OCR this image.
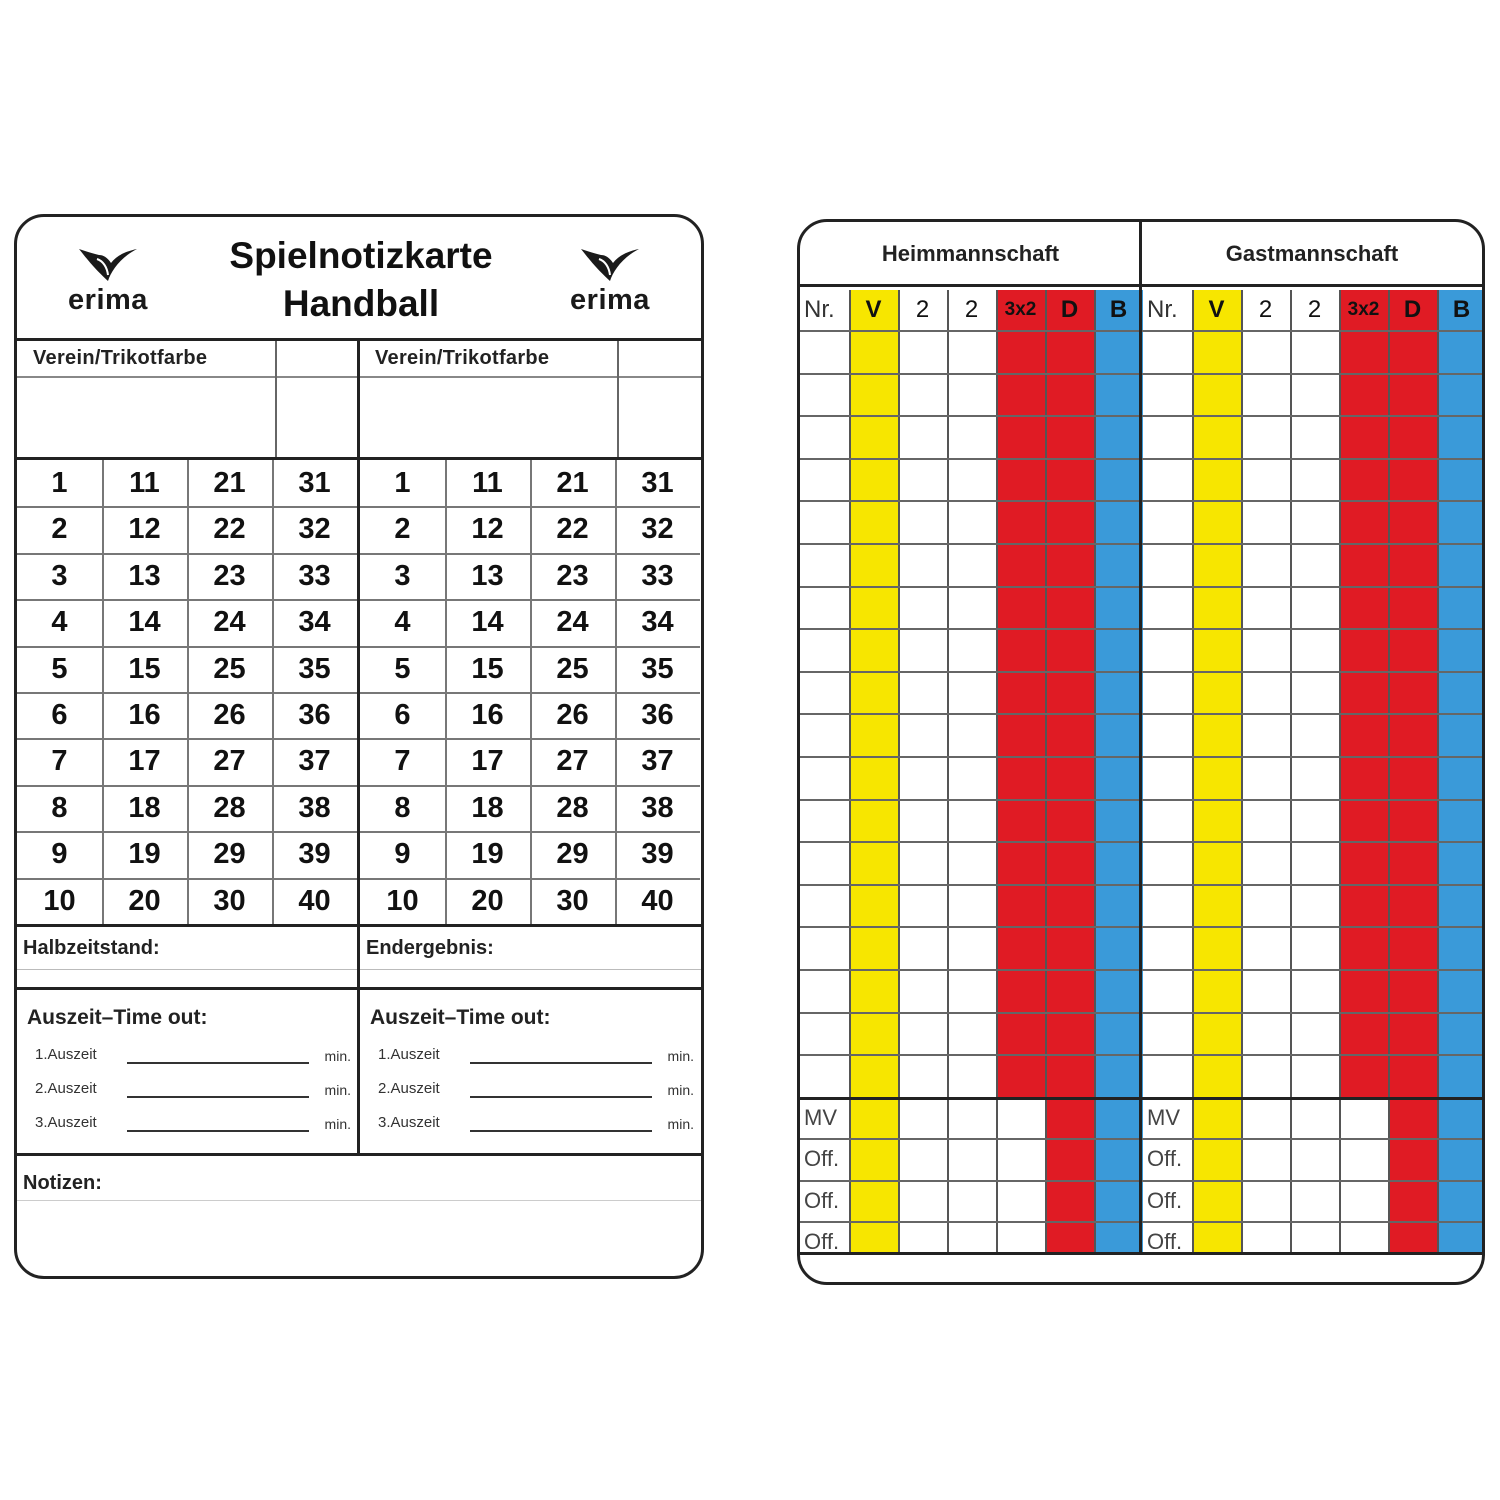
erima
Spielnotizkarte
Handball	erima
Verein/Trikotfarbe	Verein/Trikotfarbe
1	11	21	31
2	12	22	32
3	13	23	33
4	14	24	34
5	15	25	35
6	16	26	36
7	17	27	37
8	18	28	38
9	19	29	39
10	20	30	40
1	11	21	31
2	12	22	32
3	13	23	33
4	14	24	34
5	15	25	35
6	16	26	36
7	17	27	37
8	18	28	38
9	19	29	39
10	20	30	40
Halbzeitstand:	Endergebnis:
Auszeit–Time out:
1.Auszeit	min.
2.Auszeit	min.
3.Auszeit	min.
Auszeit–Time out:
1.Auszeit	min.
2.Auszeit	min.
3.Auszeit	min.
Notizen:
Heimmannschaft	Gastmannschaft
Nr.	V	2	2	3x2	D	B
MV
Off.
Off.
Off.
Nr.	V	2	2	3x2	D	B
MV
Off.
Off.
Off.
